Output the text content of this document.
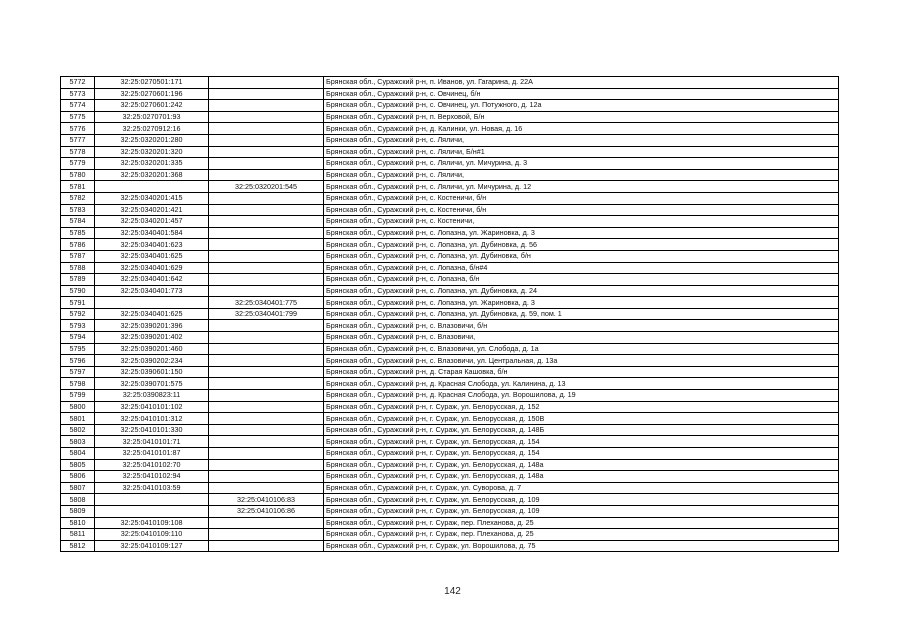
5772	32:25:0270501:171		Брянская обл., Суражский р-н, п. Иванов, ул. Гагарина, д. 22А
5773	32:25:0270601:196		Брянская обл., Суражский р-н, с. Овчинец, б/н
5774	32:25:0270601:242		Брянская обл., Суражский р-н, с. Овчинец, ул. Потужного, д. 12а
5775	32:25:0270701:93		Брянская обл., Суражский р-н, п. Верховой, Б/н
5776	32:25:0270912:16		Брянская обл., Суражский р-н, д. Калинки, ул. Новая, д. 16
5777	32:25:0320201:280		Брянская обл., Суражский р-н, с. Ляличи,
5778	32:25:0320201:320		Брянская обл., Суражский р-н, с. Ляличи, Б/н#1
5779	32:25:0320201:335		Брянская обл., Суражский р-н, с. Ляличи, ул. Мичурина, д. 3
5780	32:25:0320201:368		Брянская обл., Суражский р-н, с. Ляличи,
5781		32:25:0320201:545	Брянская обл., Суражский р-н, с. Ляличи, ул. Мичурина, д. 12
5782	32:25:0340201:415		Брянская обл., Суражский р-н, с. Костеничи, б/н
5783	32:25:0340201:421		Брянская обл., Суражский р-н, с. Костеничи, б/н
5784	32:25:0340201:457		Брянская обл., Суражский р-н, с. Костеничи,
5785	32:25:0340401:584		Брянская обл., Суражский р-н, с. Лопазна, ул. Жариновка, д. 3
5786	32:25:0340401:623		Брянская обл., Суражский р-н, с. Лопазна, ул. Дубиновка, д. 56
5787	32:25:0340401:625		Брянская обл., Суражский р-н, с. Лопазна, ул. Дубиновка, б/н
5788	32:25:0340401:629		Брянская обл., Суражский р-н, с. Лопазна, б/н#4
5789	32:25:0340401:642		Брянская обл., Суражский р-н, с. Лопазна, б/н
5790	32:25:0340401:773		Брянская обл., Суражский р-н, с. Лопазна, ул. Дубиновка, д. 24
5791		32:25:0340401:775	Брянская обл., Суражский р-н, с. Лопазна, ул. Жариновка, д. 3
5792	32:25:0340401:625	32:25:0340401:799	Брянская обл., Суражский р-н, с. Лопазна, ул. Дубиновка, д. 59, пом. 1
5793	32:25:0390201:396		Брянская обл., Суражский р-н, с. Влазовичи, б/н
5794	32:25:0390201:402		Брянская обл., Суражский р-н, с. Влазовичи,
5795	32:25:0390201:460		Брянская обл., Суражский р-н, с. Влазовичи, ул. Слобода, д. 1а
5796	32:25:0390202:234		Брянская обл., Суражский р-н, с. Влазовичи, ул. Центральная, д. 13а
5797	32:25:0390601:150		Брянская обл., Суражский р-н, д. Старая Кашовка, б/н
5798	32:25:0390701:575		Брянская обл., Суражский р-н, д. Красная Слобода, ул. Калинина, д. 13
5799	32:25:0390823:11		Брянская обл., Суражский р-н, д. Красная Слобода, ул. Ворошилова, д. 19
5800	32:25:0410101:102		Брянская обл., Суражский р-н, г. Сураж, ул. Белорусская, д. 152
5801	32:25:0410101:312		Брянская обл., Суражский р-н, г. Сураж, ул. Белорусская, д. 150В
5802	32:25:0410101:330		Брянская обл., Суражский р-н, г. Сураж, ул. Белорусская, д. 148Б
5803	32:25:0410101:71		Брянская обл., Суражский р-н, г. Сураж, ул. Белорусская, д. 154
5804	32:25:0410101:87		Брянская обл., Суражский р-н, г. Сураж, ул. Белорусская, д. 154
5805	32:25:0410102:70		Брянская обл., Суражский р-н, г. Сураж, ул. Белорусская, д. 148а
5806	32:25:0410102:94		Брянская обл., Суражский р-н, г. Сураж, ул. Белорусская, д. 148а
5807	32:25:0410103:59		Брянская обл., Суражский р-н, г. Сураж, ул. Суворова, д. 7
5808		32:25:0410106:83	Брянская обл., Суражский р-н, г. Сураж, ул. Белорусская, д. 109
5809		32:25:0410106:86	Брянская обл., Суражский р-н, г. Сураж, ул. Белорусская, д. 109
5810	32:25:0410109:108		Брянская обл., Суражский р-н, г. Сураж, пер. Плеханова, д. 25
5811	32:25:0410109:110		Брянская обл., Суражский р-н, г. Сураж, пер. Плеханова, д. 25
5812	32:25:0410109:127		Брянская обл., Суражский р-н, г. Сураж, ул. Ворошилова, д. 75
142
